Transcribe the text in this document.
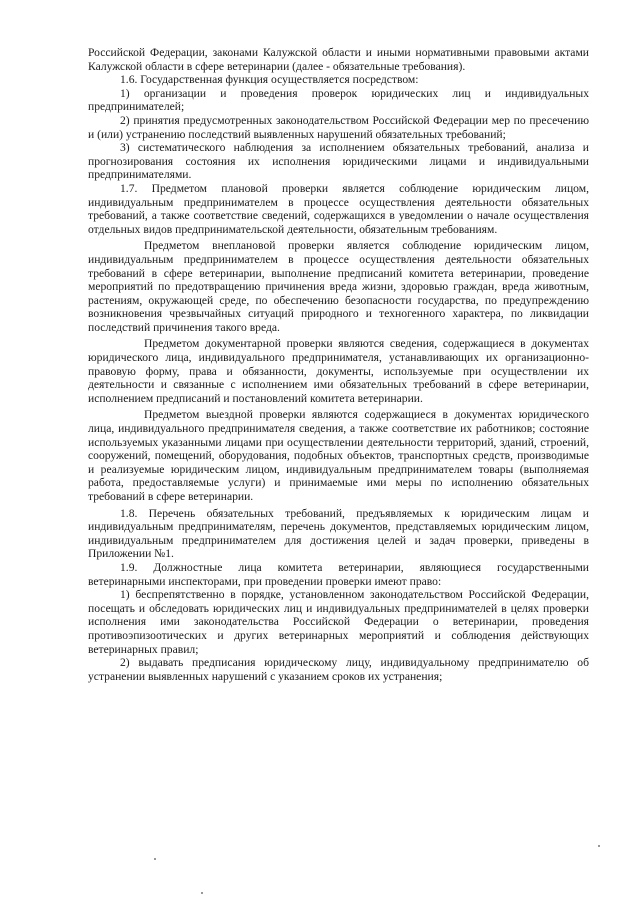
Российской Федерации, законами Калужской области и иными нормативными правовыми актами Калужской области в сфере ветеринарии (далее - обязательные требования).

1.6. Государственная функция осуществляется посредством:

1) организации и проведения проверок юридических лиц и индивидуальных предпринимателей;

2) принятия предусмотренных законодательством Российской Федерации мер по пресечению и (или) устранению последствий выявленных нарушений обязательных требований;

3) систематического наблюдения за исполнением обязательных требований, анализа и прогнозирования состояния их исполнения юридическими лицами и индивидуальными предпринимателями.

1.7. Предметом плановой проверки является соблюдение юридическим лицом, индивидуальным предпринимателем в процессе осуществления деятельности обязательных требований, а также соответствие сведений, содержащихся в уведомлении о начале осуществления отдельных видов предпринимательской деятельности, обязательным требованиям.

Предметом внеплановой проверки является соблюдение юридическим лицом, индивидуальным предпринимателем в процессе осуществления деятельности обязательных требований в сфере ветеринарии, выполнение предписаний комитета ветеринарии, проведение мероприятий по предотвращению причинения вреда жизни, здоровью граждан, вреда животным, растениям, окружающей среде, по обеспечению безопасности государства, по предупреждению возникновения чрезвычайных ситуаций природного и техногенного характера, по ликвидации последствий причинения такого вреда.

Предметом документарной проверки являются сведения, содержащиеся в документах юридического лица, индивидуального предпринимателя, устанавливающих их организационно-правовую форму, права и обязанности, документы, используемые при осуществлении их деятельности и связанные с исполнением ими обязательных требований в сфере ветеринарии, исполнением предписаний и постановлений комитета ветеринарии.

Предметом выездной проверки являются содержащиеся в документах юридического лица, индивидуального предпринимателя сведения, а также соответствие их работников; состояние используемых указанными лицами при осуществлении деятельности территорий, зданий, строений, сооружений, помещений, оборудования, подобных объектов, транспортных средств, производимые и реализуемые юридическим лицом, индивидуальным предпринимателем товары (выполняемая работа, предоставляемые услуги) и принимаемые ими меры по исполнению обязательных требований в сфере ветеринарии.

1.8. Перечень обязательных требований, предъявляемых к юридическим лицам и индивидуальным предпринимателям, перечень документов, представляемых юридическим лицом, индивидуальным предпринимателем для достижения целей и задач проверки, приведены в Приложении №1.

1.9. Должностные лица комитета ветеринарии, являющиеся государственными ветеринарными инспекторами, при проведении проверки имеют право:

1) беспрепятственно в порядке, установленном законодательством Российской Федерации, посещать и обследовать юридических лиц и индивидуальных предпринимателей в целях проверки исполнения ими законодательства Российской Федерации о ветеринарии, проведения противоэпизоотических и других ветеринарных мероприятий и соблюдения действующих ветеринарных правил;

2) выдавать предписания юридическому лицу, индивидуальному предпринимателю об устранении выявленных нарушений с указанием сроков их устранения;
